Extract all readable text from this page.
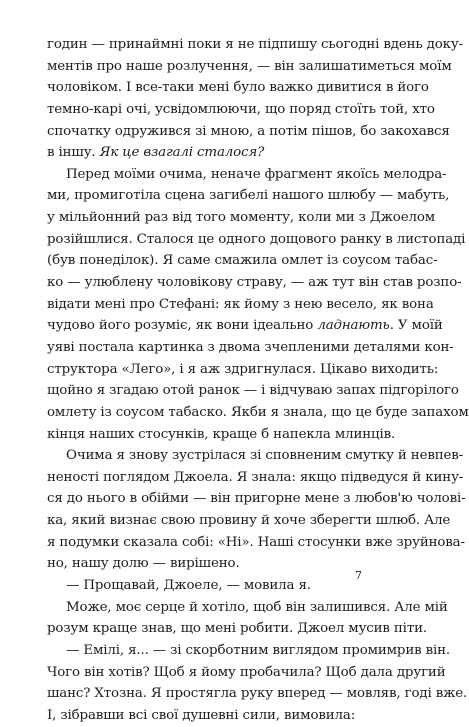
годин — принаймні поки я не підпишу сьогодні вдень доку-
ментів про наше розлучення, — він залишатиметься моїм
чоловіком. І все-таки мені було важко дивитися в його
темно-карі очі, усвідомлюючи, що поряд стоїть той, хто
спочатку одружився зі мною, а потім пішов, бо закохався
в іншу. Як це взагалі сталося?
Перед моїми очима, неначе фрагмент якоїсь мелодра-
ми, промиготіла сцена загибелі нашого шлюбу — мабуть,
у мільйонний раз від того моменту, коли ми з Джоелом
розійшлися. Сталося це одного дощового ранку в листопаді
(був понеділок). Я саме смажила омлет із соусом табас-
ко — улюблену чоловікову страву, — аж тут він став розпо-
відати мені про Стефані: як йому з нею весело, як вона
чудово його розуміє, як вони ідеально ладнають. У моїй
уяві постала картинка з двома зчепленими деталями кон-
структора «Лего», і я аж здригнулася. Цікаво виходить:
щойно я згадаю отой ранок — і відчуваю запах підгорілого
омлету із соусом табаско. Якби я знала, що це буде запахом
кінця наших стосунків, краще б напекла млинців.
Очима я знову зустрілася зі сповненим смутку й невпев-
неності поглядом Джоела. Я знала: якщо підведуся й кину-
ся до нього в обійми — він пригорне мене з любов'ю чолові-
ка, який визнає свою провину й хоче зберегти шлюб. Але
я подумки сказала собі: «Ні». Наші стосунки вже зруйнова-
но, нашу долю — вирішено.
— Прощавай, Джоеле, — мовила я.
Може, моє серце й хотіло, щоб він залишився. Але мій
розум краще знав, що мені робити. Джоел мусив піти.
— Емілі, я... — зі скорботним виглядом промимрив він.
Чого він хотів? Щоб я йому пробачила? Щоб дала другий
шанс? Хтозна. Я простягла руку вперед — мовляв, годі вже.
І, зібравши всі свої душевні сили, вимовила:
7
